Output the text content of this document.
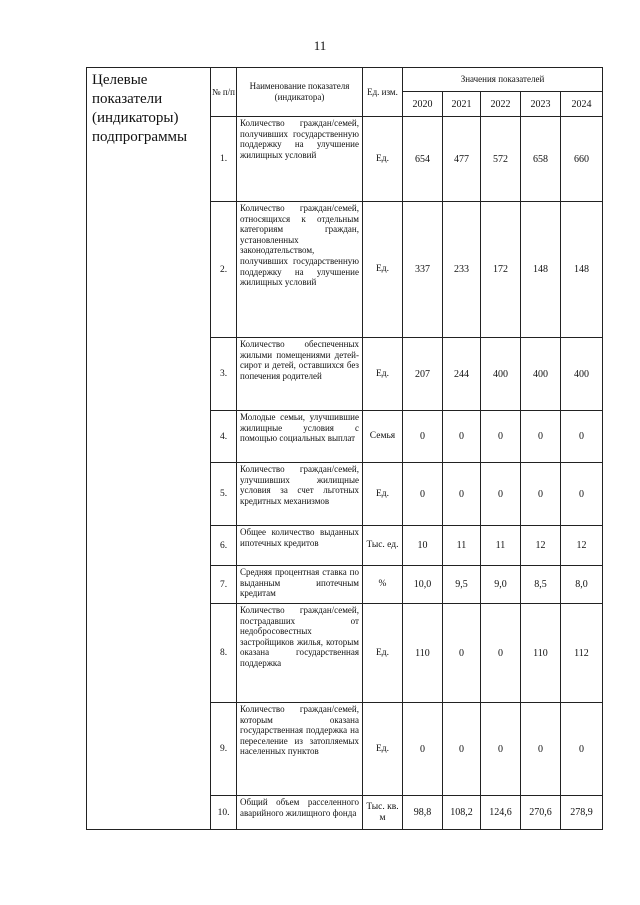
11
Целевые показатели (индикаторы) подпрограммы	№ п/п	Наименование показателя (индикатора)	Ед. изм.	Значения показателей				
				2020	2021	2022	2023	2024
	1.	Количество граждан/семей, получивших государственную поддержку на улучшение жилищных условий	Ед.	654	477	572	658	660
	2.	Количество граждан/семей, относящихся к отдельным категориям граждан, установленных законодательством, получивших государственную поддержку на улучшение жилищных условий	Ед.	337	233	172	148	148
	3.	Количество обеспеченных жилыми помещениями детей-сирот и детей, оставшихся без попечения родителей	Ед.	207	244	400	400	400
	4.	Молодые семьи, улучшившие жилищные условия с помощью социальных выплат	Семья	0	0	0	0	0
	5.	Количество граждан/семей, улучшивших жилищные условия за счет льготных кредитных механизмов	Ед.	0	0	0	0	0
	6.	Общее количество выданных ипотечных кредитов	Тыс. ед.	10	11	11	12	12
	7.	Средняя процентная ставка по выданным ипотечным кредитам	%	10,0	9,5	9,0	8,5	8,0
	8.	Количество граждан/семей, пострадавших от недобросовестных застройщиков жилья, которым оказана государственная поддержка	Ед.	110	0	0	110	112
	9.	Количество граждан/семей, которым оказана государственная поддержка на переселение из затопляемых населенных пунктов	Ед.	0	0	0	0	0
	10.	Общий объем расселенного аварийного жилищного фонда	Тыс. кв. м	98,8	108,2	124,6	270,6	278,9
